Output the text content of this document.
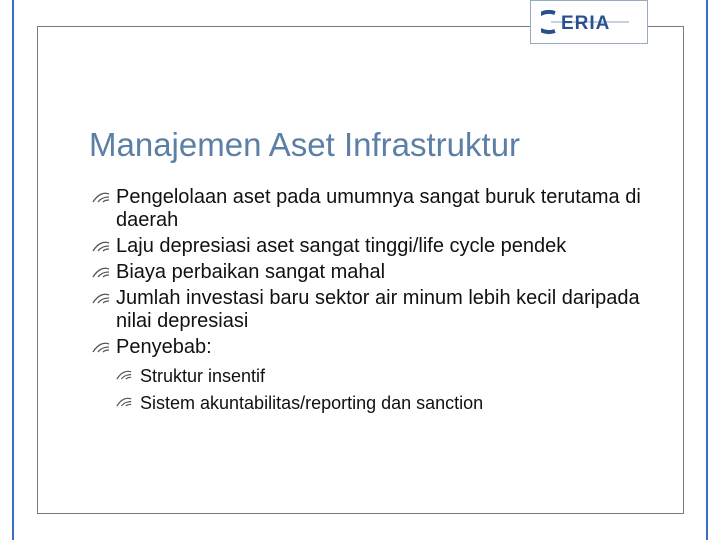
ERIA
Manajemen Aset Infrastruktur
Pengelolaan aset pada umumnya sangat buruk terutama di daerah
Laju depresiasi aset sangat tinggi/life cycle pendek
Biaya perbaikan sangat mahal
Jumlah investasi baru sektor air minum lebih kecil daripada nilai depresiasi
Penyebab:
Struktur insentif
Sistem akuntabilitas/reporting dan sanction
